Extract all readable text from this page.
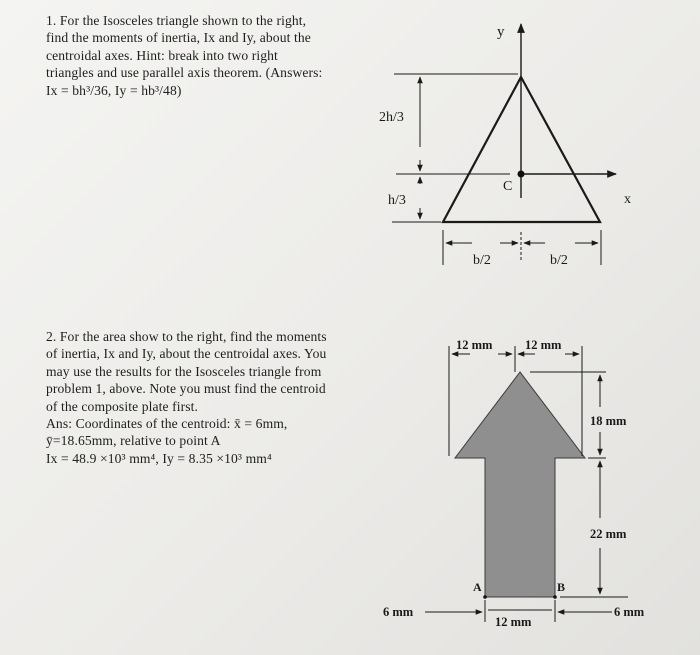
1. For the Isosceles triangle shown to the right,

find the moments of inertia, Ix and Iy, about the

centroidal axes. Hint: break into two right

triangles and use parallel axis theorem. (Answers:

Ix = bh³/36, Iy = hb³/48)

2. For the area show to the right, find the moments

of inertia, Ix and Iy, about the centroidal axes. You

may use the results for the Isosceles triangle from

problem 1, above. Note you must find the centroid

of the composite plate first.

Ans: Coordinates of the centroid: x̄ = 6mm,

ȳ=18.65mm, relative to point A

Ix = 48.9 ×10³ mm⁴, Iy = 8.35 ×10³ mm⁴

y
x
C
2h/3
h/3
b/2	b/2
12 mm	12 mm
18 mm
22 mm
6 mm	6 mm
12 mm
A	B
